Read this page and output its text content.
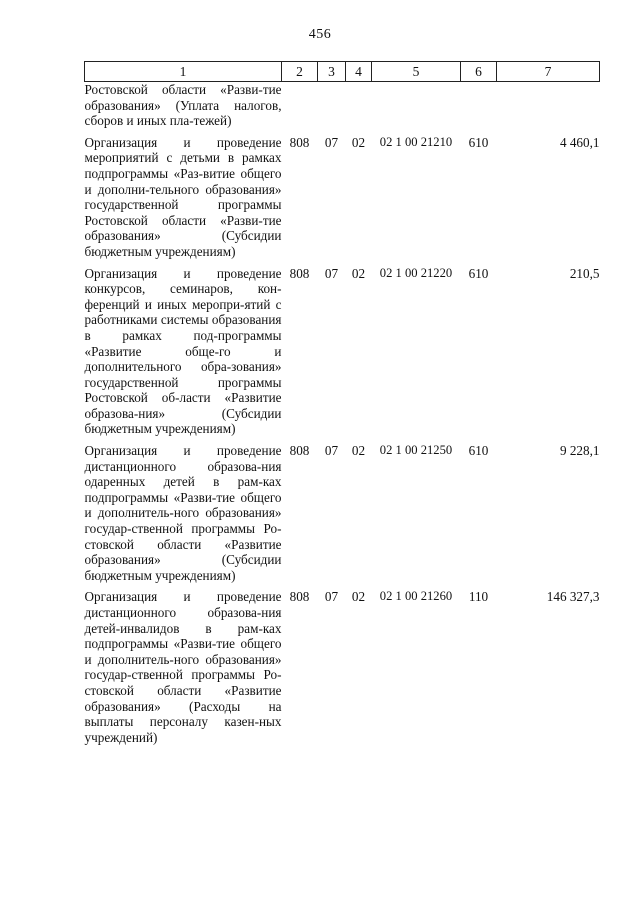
456
1	2	3	4	5	6	7
Ростовской области «Разви-тие образования» (Уплата налогов, сборов и иных пла-тежей)						
Организация и проведение мероприятий с детьми в рамках подпрограммы «Раз-витие общего и дополни-тельного образования» государственной программы Ростовской области «Разви-тие образования» (Субсидии бюджетным учреждениям)	808	07	02	02 1 00 21210	610	4 460,1
Организация и проведение конкурсов, семинаров, кон-ференций и иных меропри-ятий с работниками системы образования в рамках под-программы «Развитие обще-го и дополнительного обра-зования» государственной программы Ростовской об-ласти «Развитие образова-ния» (Субсидии бюджетным учреждениям)	808	07	02	02 1 00 21220	610	210,5
Организация и проведение дистанционного образова-ния одаренных детей в рам-ках подпрограммы «Разви-тие общего и дополнитель-ного образования» государ-ственной программы Ро-стовской области «Развитие образования» (Субсидии бюджетным учреждениям)	808	07	02	02 1 00 21250	610	9 228,1
Организация и проведение дистанционного образова-ния детей-инвалидов в рам-ках подпрограммы «Разви-тие общего и дополнитель-ного образования» государ-ственной программы Ро-стовской области «Развитие образования» (Расходы на выплаты персоналу казен-ных учреждений)	808	07	02	02 1 00 21260	110	146 327,3
